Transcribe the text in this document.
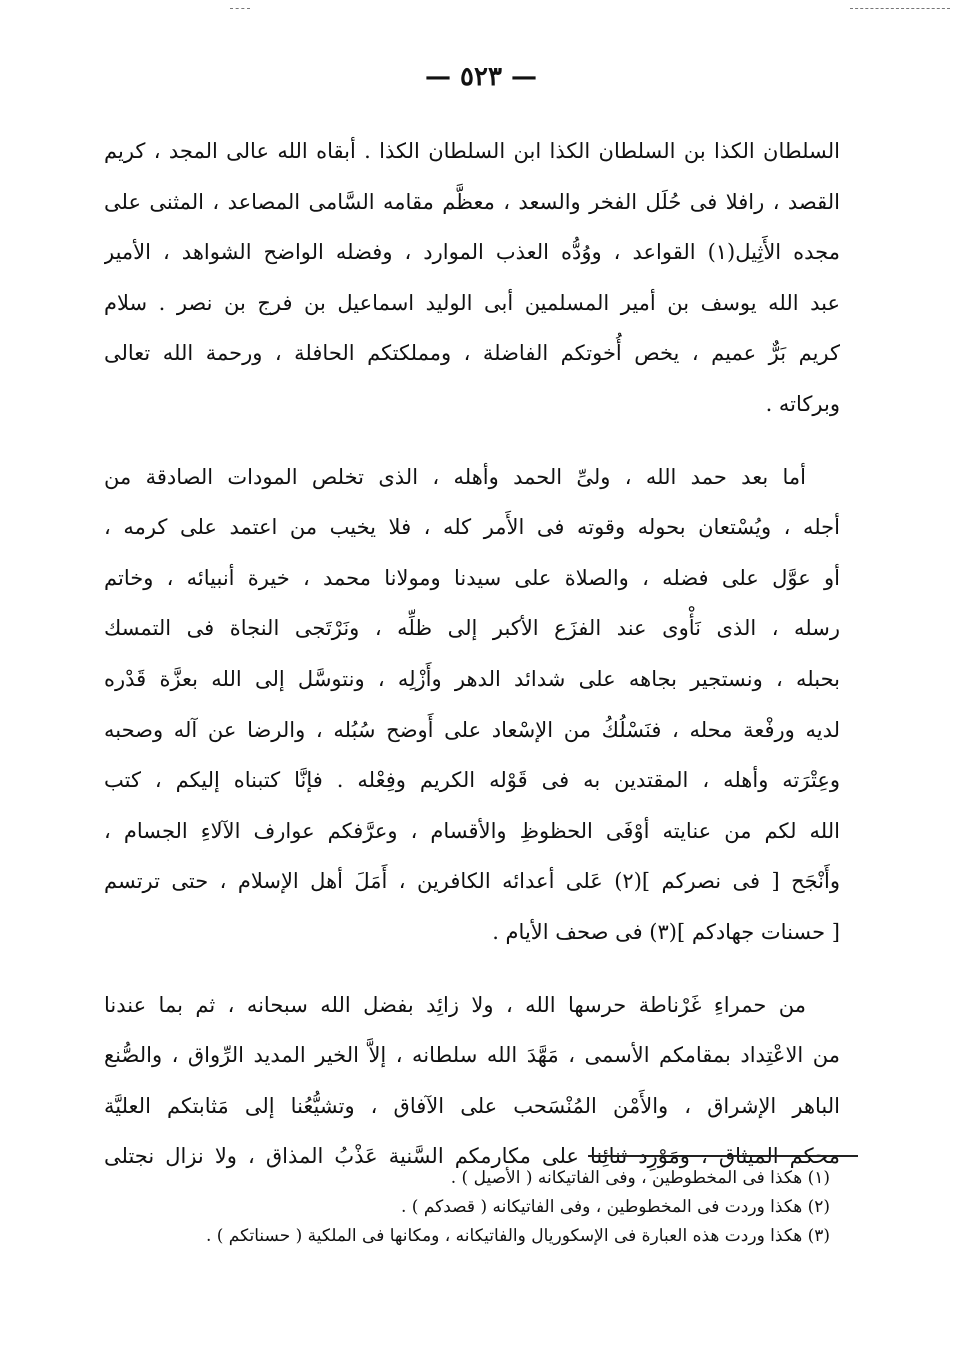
— ٥٢٣ —

السلطان الكذا بن السلطان الكذا ابن السلطان الكذا . أبقاه الله عالى المجد ، كريم
القصد ، رافلا فى حُلَل الفخر والسعد ، معظَّم مقامه السَّامى المصاعد ، المثنى على
مجده الأَثِيل(١) القواعد ، ووُدُّه العذب الموارد ، وفضله الواضح الشواهد ، الأمير
عبد الله يوسف بن أمير المسلمين أبى الوليد اسماعيل بن فرج بن نصر . سلام
كريم بَرٌّ عميم ، يخص أُخوتكم الفاضلة ، ومملكتكم الحافلة ، ورحمة الله تعالى
وبركاته .

أما بعد حمد الله ، ولىِّ الحمد وأهله ، الذى تخلص المودات الصادقة من
أجله ، ويُسْتعان بحوله وقوته فى الأَمر كله ، فلا يخيب من اعتمد على كرمه ،
أو عوَّل على فضله ، والصلاة على سيدنا ومولانا محمد ، خيرة أنبيائه ، وخاتم
رسله ، الذى نَأْوى عند الفزَع الأكبر إلى ظلِّه ، ونَرْتَجى النجاة فى التمسك
بحبله ، ونستجير بجاهه على شدائد الدهر وأَزْلِه ، ونتوسَّل إلى الله بعزَّة قَدْره
لديه ورفْعة محله ، فنَسْلُكُ من الإسْعاد على أَوضح سُبُله ، والرضا عن آله وصحبه
وعِتْرَته وأهله ، المقتدين به فى قَوْله الكريم وفِعْله . فإنَّا كتبناه إليكم ، كتب
الله لكم من عنايته أوْفَى الحظوظِ والأقسام ، وعرَّفكم عوارف الآلاءِ الجسام ،
وأَنْجَح [ فى نصركم ](٢) عَلى أعدائه الكافرين ، أَمَلَ أهل الإسلام ، حتى ترتسم
[ حسنات جهادكم ](٣) فى صحف الأيام .

من حمراءِ غَرْناطة حرسها الله ، ولا زائِد بفضل الله سبحانه ، ثم بما عندنا
من الاعْتِداد بمقامكم الأسمى ، مَهَّدَ الله سلطانه ، إلاَّ الخير المديد الرِّواق ، والصُّنع
الباهر الإشراق ، والأَمْن المُنْسَحب على الآفاق ، وتشيُّعُنا إلى مَثابتكم العليَّة
محكم الميثاق ، ومَوْرِد ثنائِنا على مكارمكم السَّنية عَذْبُ المذاق ، ولا نزال نجتلى

(١) هكذا فى المخطوطين ، وفى الفاتيكانه ( الأصيل ) .
(٢) هكذا وردت فى المخطوطين ، وفى الفاتيكانه ( قصدكم ) .
(٣) هكذا وردت هذه العبارة فى الإسكوريال والفاتيكانه ، ومكانها فى الملكية ( حسناتكم ) .
